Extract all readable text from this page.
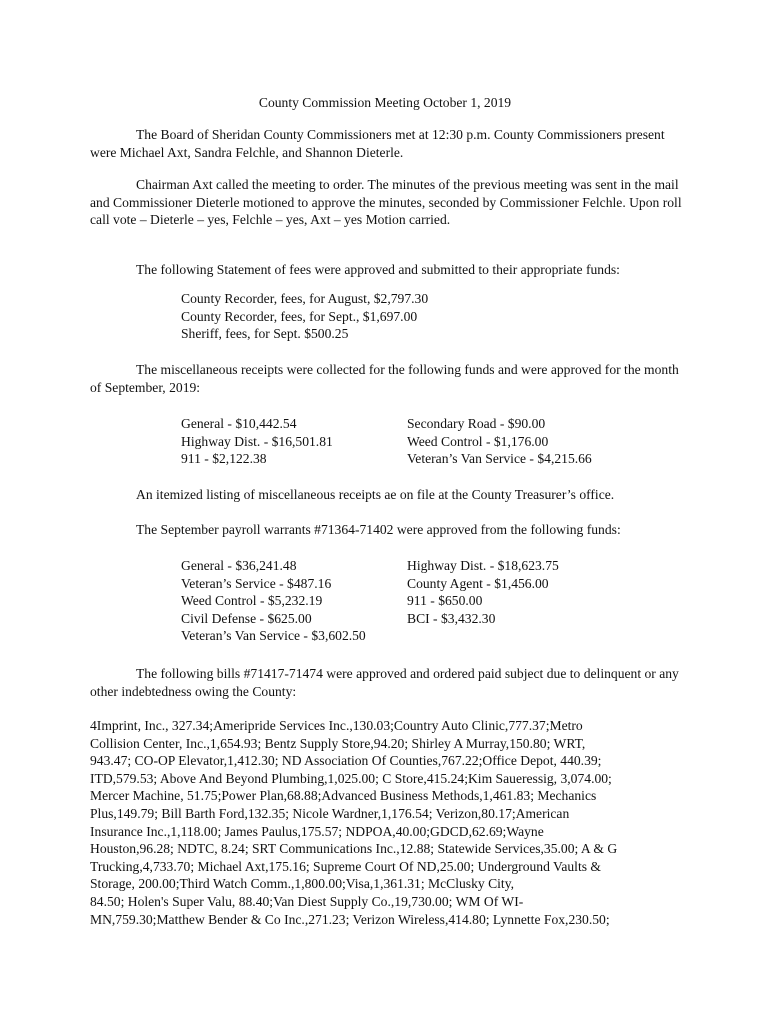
County Commission Meeting October 1, 2019

The Board of Sheridan County Commissioners met at 12:30 p.m. County Commissioners present were Michael Axt, Sandra Felchle, and Shannon Dieterle.

Chairman Axt called the meeting to order. The minutes of the previous meeting was sent in the mail and Commissioner Dieterle motioned to approve the minutes, seconded by Commissioner Felchle. Upon roll call vote – Dieterle – yes, Felchle – yes, Axt – yes Motion carried.

The following Statement of fees were approved and submitted to their appropriate funds:

County Recorder, fees, for August, $2,797.30
County Recorder, fees, for Sept., $1,697.00
Sheriff, fees, for Sept. $500.25

The miscellaneous receipts were collected for the following funds and were approved for the month of September, 2019:

General - $10,442.54
Highway Dist. - $16,501.81
911 - $2,122.38
Secondary Road - $90.00
Weed Control - $1,176.00
Veteran’s Van Service - $4,215.66

An itemized listing of miscellaneous receipts ae on file at the County Treasurer’s office.

The September payroll warrants #71364-71402 were approved from the following funds:

General - $36,241.48
Veteran’s Service - $487.16
Weed Control - $5,232.19
Civil Defense - $625.00
Veteran’s Van Service - $3,602.50
Highway Dist. - $18,623.75
County Agent - $1,456.00
911 - $650.00
BCI - $3,432.30

The following bills #71417-71474 were approved and ordered paid subject due to delinquent or any other indebtedness owing the County:

4Imprint, Inc., 327.34;Ameripride Services Inc.,130.03;Country Auto Clinic,777.37;Metro
Collision Center, Inc.,1,654.93; Bentz Supply Store,94.20; Shirley A Murray,150.80; WRT,
943.47; CO-OP Elevator,1,412.30; ND Association Of Counties,767.22;Office Depot, 440.39;
ITD,579.53; Above And Beyond Plumbing,1,025.00; C Store,415.24;Kim Saueressig, 3,074.00;
Mercer Machine, 51.75;Power Plan,68.88;Advanced Business Methods,1,461.83; Mechanics
Plus,149.79; Bill Barth Ford,132.35; Nicole Wardner,1,176.54; Verizon,80.17;American
Insurance Inc.,1,118.00; James Paulus,175.57; NDPOA,40.00;GDCD,62.69;Wayne
Houston,96.28; NDTC, 8.24; SRT Communications Inc.,12.88; Statewide Services,35.00; A & G
Trucking,4,733.70; Michael Axt,175.16; Supreme Court Of ND,25.00; Underground Vaults &
Storage, 200.00;Third Watch Comm.,1,800.00;Visa,1,361.31; McClusky City,
84.50; Holen's Super Valu, 88.40;Van Diest Supply Co.,19,730.00; WM Of WI-
MN,759.30;Matthew Bender & Co Inc.,271.23; Verizon Wireless,414.80; Lynnette Fox,230.50;
